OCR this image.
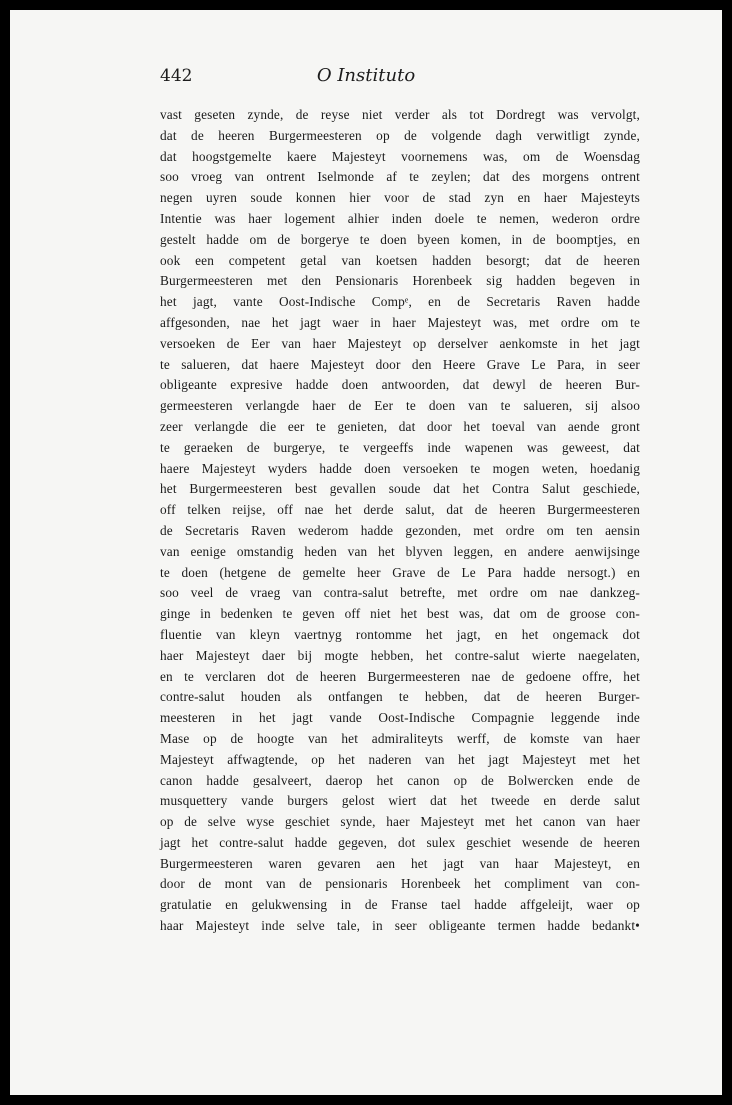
442	O Instituto
vast geseten zynde, de reyse niet verder als tot Dordregt was vervolgt,
dat de heeren Burgermeesteren op de volgende dagh verwitligt zynde,
dat hoogstgemelte kaere Majesteyt voornemens was, om de Woensdag
soo vroeg van ontrent Iselmonde af te zeylen; dat des morgens ontrent
negen uyren soude konnen hier voor de stad zyn en haer Majesteyts
Intentie was haer logement alhier inden doele te nemen, wederon ordre
gestelt hadde om de borgerye te doen byeen komen, in de boomptjes, en
ook een competent getal van koetsen hadden besorgt; dat de heeren
Burgermeesteren met den Pensionaris Horenbeek sig hadden begeven in
het jagt, vante Oost-Indische Compᵉ, en de Secretaris Raven hadde
affgesonden, nae het jagt waer in haer Majesteyt was, met ordre om te
versoeken de Eer van haer Majesteyt op derselver aenkomste in het jagt
te salueren, dat haere Majesteyt door den Heere Grave Le Para, in seer
obligeante expresive hadde doen antwoorden, dat dewyl de heeren Bur-
germeesteren verlangde haer de Eer te doen van te salueren, sij alsoo
zeer verlangde die eer te genieten, dat door het toeval van aende gront
te geraeken de burgerye, te vergeeffs inde wapenen was geweest, dat
haere Majesteyt wyders hadde doen versoeken te mogen weten, hoedanig
het Burgermeesteren best gevallen soude dat het Contra Salut geschiede,
off telken reijse, off nae het derde salut, dat de heeren Burgermeesteren
de Secretaris Raven wederom hadde gezonden, met ordre om ten aensin
van eenige omstandig heden van het blyven leggen, en andere aenwijsinge
te doen (hetgene de gemelte heer Grave de Le Para hadde nersogt.) en
soo veel de vraeg van contra-salut betrefte, met ordre om nae dankzeg-
ginge in bedenken te geven off niet het best was, dat om de groose con-
fluentie van kleyn vaertnyg rontomme het jagt, en het ongemack dot
haer Majesteyt daer bij mogte hebben, het contre-salut wierte naegelaten,
en te verclaren dot de heeren Burgermeesteren nae de gedoene offre, het
contre-salut houden als ontfangen te hebben, dat de heeren Burger-
meesteren in het jagt vande Oost-Indische Compagnie leggende inde
Mase op de hoogte van het admiraliteyts werff, de komste van haer
Majesteyt affwagtende, op het naderen van het jagt Majesteyt met het
canon hadde gesalveert, daerop het canon op de Bolwercken ende de
musquettery vande burgers gelost wiert dat het tweede en derde salut
op de selve wyse geschiet synde, haer Majesteyt met het canon van haer
jagt het contre-salut hadde gegeven, dot sulex geschiet wesende de heeren
Burgermeesteren waren gevaren aen het jagt van haar Majesteyt, en
door de mont van de pensionaris Horenbeek het compliment van con-
gratulatie en gelukwensing in de Franse tael hadde affgeleijt, waer op
haar Majesteyt inde selve tale, in seer obligeante termen hadde bedankt•
